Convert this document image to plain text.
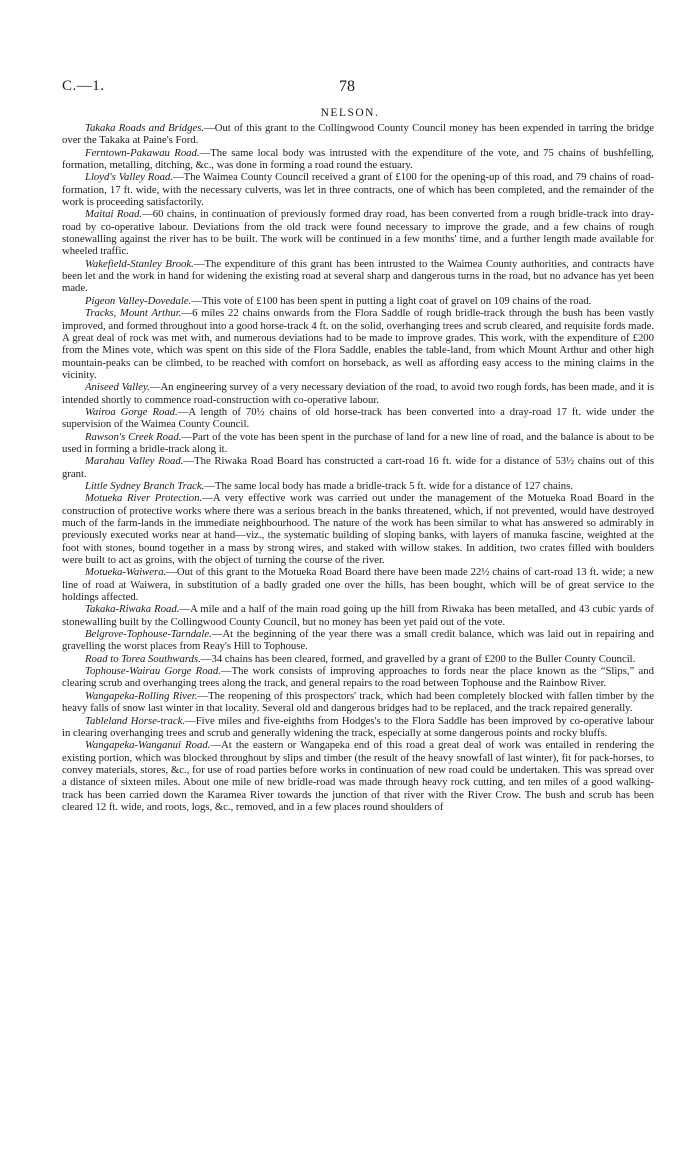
C.—1.	78
NELSON.

Takaka Roads and Bridges.—Out of this grant to the Collingwood County Council money has been expended in tarring the bridge over the Takaka at Paine's Ford.

Ferntown-Pakawau Road.—The same local body was intrusted with the expenditure of the vote, and 75 chains of bushfelling, formation, metalling, ditching, &c., was done in forming a road round the estuary.

Lloyd's Valley Road.—The Waimea County Council received a grant of £100 for the opening-up of this road, and 79 chains of road-formation, 17 ft. wide, with the necessary culverts, was let in three contracts, one of which has been completed, and the remainder of the work is proceeding satisfactorily.

Maitai Road.—60 chains, in continuation of previously formed dray road, has been converted from a rough bridle-track into dray-road by co-operative labour. Deviations from the old track were found necessary to improve the grade, and a few chains of rough stonewalling against the river has to be built. The work will be continued in a few months' time, and a further length made available for wheeled traffic.

Wakefield-Stanley Brook.—The expenditure of this grant has been intrusted to the Waimea County authorities, and contracts have been let and the work in hand for widening the existing road at several sharp and dangerous turns in the road, but no advance has yet been made.

Pigeon Valley-Dovedale.—This vote of £100 has been spent in putting a light coat of gravel on 109 chains of the road.

Tracks, Mount Arthur.—6 miles 22 chains onwards from the Flora Saddle of rough bridle-track through the bush has been vastly improved, and formed throughout into a good horse-track 4 ft. on the solid, overhanging trees and scrub cleared, and requisite fords made. A great deal of rock was met with, and numerous deviations had to be made to improve grades. This work, with the expenditure of £200 from the Mines vote, which was spent on this side of the Flora Saddle, enables the table-land, from which Mount Arthur and other high mountain-peaks can be climbed, to be reached with comfort on horseback, as well as affording easy access to the mining claims in the vicinity.

Aniseed Valley.—An engineering survey of a very necessary deviation of the road, to avoid two rough fords, has been made, and it is intended shortly to commence road-construction with co-operative labour.

Wairoa Gorge Road.—A length of 70½ chains of old horse-track has been converted into a dray-road 17 ft. wide under the supervision of the Waimea County Council.

Rawson's Creek Road.—Part of the vote has been spent in the purchase of land for a new line of road, and the balance is about to be used in forming a bridle-track along it.

Marahau Valley Road.—The Riwaka Road Board has constructed a cart-road 16 ft. wide for a distance of 53½ chains out of this grant.

Little Sydney Branch Track.—The same local body has made a bridle-track 5 ft. wide for a distance of 127 chains.

Motueka River Protection.—A very effective work was carried out under the management of the Motueka Road Board in the construction of protective works where there was a serious breach in the banks threatened, which, if not prevented, would have destroyed much of the farm-lands in the immediate neighbourhood. The nature of the work has been similar to what has answered so admirably in previously executed works near at hand—viz., the systematic building of sloping banks, with layers of manuka fascine, weighted at the foot with stones, bound together in a mass by strong wires, and staked with willow stakes. In addition, two crates filled with boulders were built to act as groins, with the object of turning the course of the river.

Motueka-Waiwera.—Out of this grant to the Motueka Road Board there have been made 22½ chains of cart-road 13 ft. wide; a new line of road at Waiwera, in substitution of a badly graded one over the hills, has been bought, which will be of great service to the holdings affected.

Takaka-Riwaka Road.—A mile and a half of the main road going up the hill from Riwaka has been metalled, and 43 cubic yards of stonewalling built by the Collingwood County Council, but no money has been yet paid out of the vote.

Belgrove-Tophouse-Tarndale.—At the beginning of the year there was a small credit balance, which was laid out in repairing and gravelling the worst places from Reay's Hill to Tophouse.

Road to Torea Southwards.—34 chains has been cleared, formed, and gravelled by a grant of £200 to the Buller County Council.

Tophouse-Wairau Gorge Road.—The work consists of improving approaches to fords near the place known as the “Slips,” and clearing scrub and overhanging trees along the track, and general repairs to the road between Tophouse and the Rainbow River.

Wangapeka-Rolling River.—The reopening of this prospectors' track, which had been completely blocked with fallen timber by the heavy falls of snow last winter in that locality. Several old and dangerous bridges had to be replaced, and the track repaired generally.

Tableland Horse-track.—Five miles and five-eighths from Hodges's to the Flora Saddle has been improved by co-operative labour in clearing overhanging trees and scrub and generally widening the track, especially at some dangerous points and rocky bluffs.

Wangapeka-Wanganui Road.—At the eastern or Wangapeka end of this road a great deal of work was entailed in rendering the existing portion, which was blocked throughout by slips and timber (the result of the heavy snowfall of last winter), fit for pack-horses, to convey materials, stores, &c., for use of road parties before works in continuation of new road could be undertaken. This was spread over a distance of sixteen miles. About one mile of new bridle-road was made through heavy rock cutting, and ten miles of a good walking-track has been carried down the Karamea River towards the junction of that river with the River Crow. The bush and scrub has been cleared 12 ft. wide, and roots, logs, &c., removed, and in a few places round shoulders of
